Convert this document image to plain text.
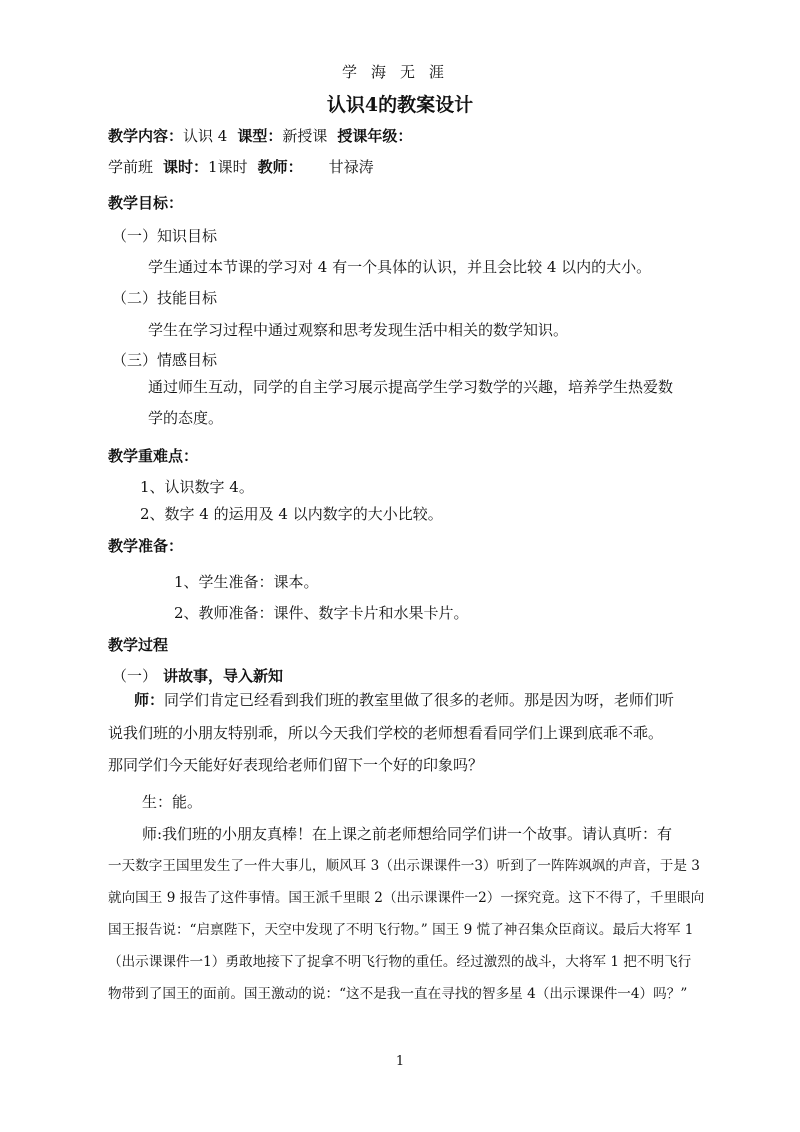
学海无涯
认识4的教案设计
教学内容：认识 4 课型：新授课 授课年级：
学前班 课时：1课时 教师： 甘禄涛
教学目标：
（一）知识目标
学生通过本节课的学习对 4 有一个具体的认识，并且会比较 4 以内的大小。
（二）技能目标
学生在学习过程中通过观察和思考发现生活中相关的数学知识。
（三）情感目标
通过师生互动，同学的自主学习展示提高学生学习数学的兴趣，培养学生热爱数
学的态度。
教学重难点：
1、认识数字 4。
2、数字 4 的运用及 4 以内数字的大小比较。
教学准备：
1、学生准备：课本。
2、教师准备：课件、数字卡片和水果卡片。
教学过程
（一） 讲故事，导入新知
师：同学们肯定已经看到我们班的教室里做了很多的老师。那是因为呀，老师们听
说我们班的小朋友特别乖，所以今天我们学校的老师想看看同学们上课到底乖不乖。
那同学们今天能好好表现给老师们留下一个好的印象吗？
生：能。
师:我们班的小朋友真棒！在上课之前老师想给同学们讲一个故事。请认真听：有
一天数字王国里发生了一件大事儿，顺风耳 3（出示课课件一3）听到了一阵阵飒飒的声音，于是 3
就向国王 9 报告了这件事情。国王派千里眼 2（出示课课件一2）一探究竟。这下不得了，千里眼向
国王报告说：“启禀陛下，天空中发现了不明飞行物。” 国王 9 慌了神召集众臣商议。最后大将军 1
（出示课课件一1）勇敢地接下了捉拿不明飞行物的重任。经过激烈的战斗，大将军 1 把不明飞行
物带到了国王的面前。国王激动的说：“这不是我一直在寻找的智多星 4（出示课课件一4）吗？”
1
